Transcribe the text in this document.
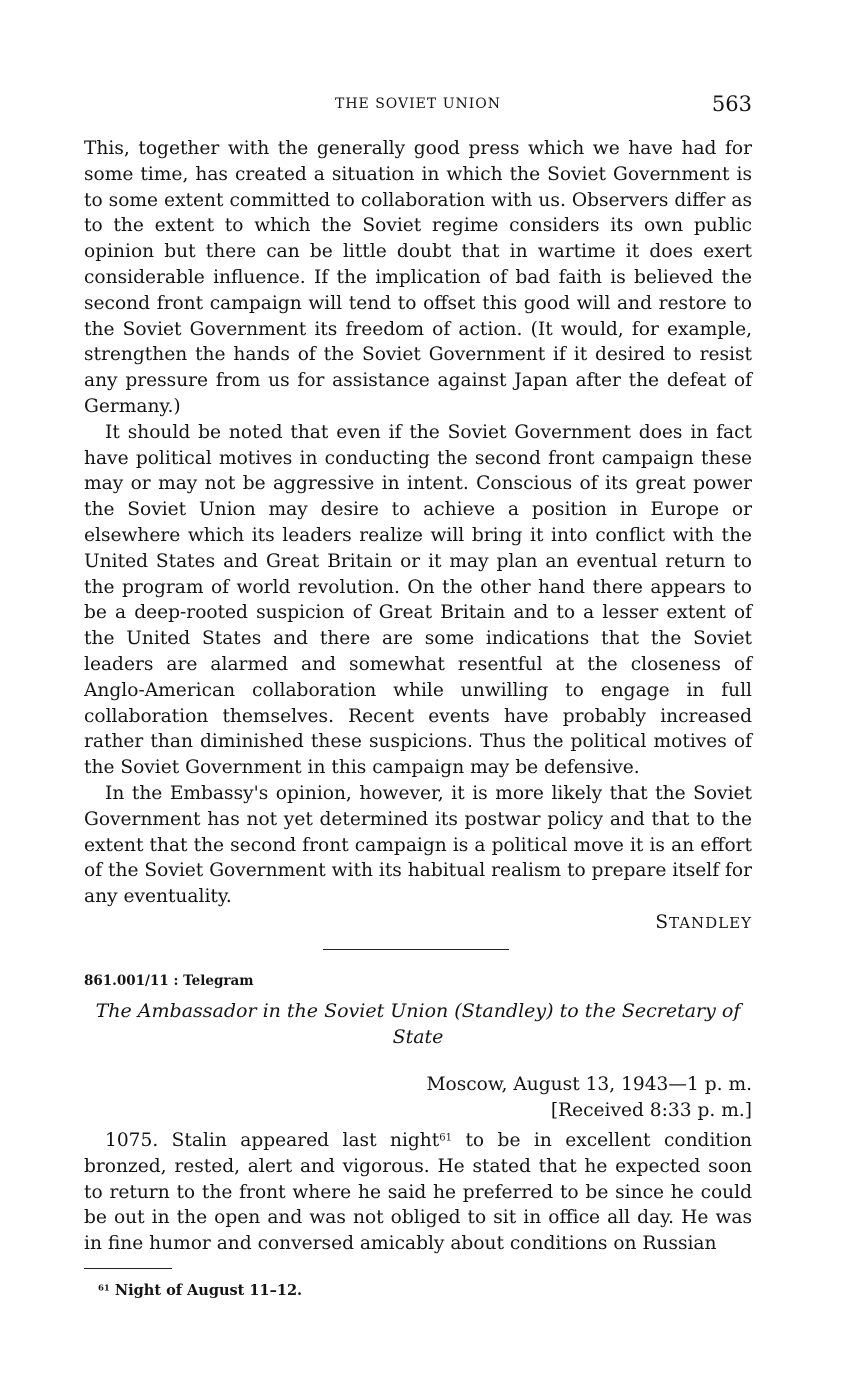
THE SOVIET UNION	563

This, together with the generally good press which we have had for some time, has created a situation in which the Soviet Government is to some extent committed to collaboration with us. Observers differ as to the extent to which the Soviet regime considers its own public opinion but there can be little doubt that in wartime it does exert considerable influence. If the implication of bad faith is believed the second front campaign will tend to offset this good will and restore to the Soviet Government its freedom of action. (It would, for example, strengthen the hands of the Soviet Government if it desired to resist any pressure from us for assistance against Japan after the defeat of Germany.)

It should be noted that even if the Soviet Government does in fact have political motives in conducting the second front campaign these may or may not be aggressive in intent. Conscious of its great power the Soviet Union may desire to achieve a position in Europe or elsewhere which its leaders realize will bring it into conflict with the United States and Great Britain or it may plan an eventual return to the program of world revolution. On the other hand there appears to be a deep-rooted suspicion of Great Britain and to a lesser extent of the United States and there are some indications that the Soviet leaders are alarmed and somewhat resentful at the closeness of Anglo-American collaboration while unwilling to engage in full collaboration themselves. Recent events have probably increased rather than diminished these suspicions. Thus the political motives of the Soviet Government in this campaign may be defensive.

In the Embassy's opinion, however, it is more likely that the Soviet Government has not yet determined its postwar policy and that to the extent that the second front campaign is a political move it is an effort of the Soviet Government with its habitual realism to prepare itself for any eventuality.

STANDLEY
861.001/11 : Telegram
The Ambassador in the Soviet Union (Standley) to the Secretary of State
Moscow, August 13, 1943—1 p. m.
[Received 8:33 p. m.]

1075. Stalin appeared last night$^{61}$ to be in excellent condition bronzed, rested, alert and vigorous. He stated that he expected soon to return to the front where he said he preferred to be since he could be out in the open and was not obliged to sit in office all day. He was in fine humor and conversed amicably about conditions on Russian

$^{61}$ Night of August 11–12.
